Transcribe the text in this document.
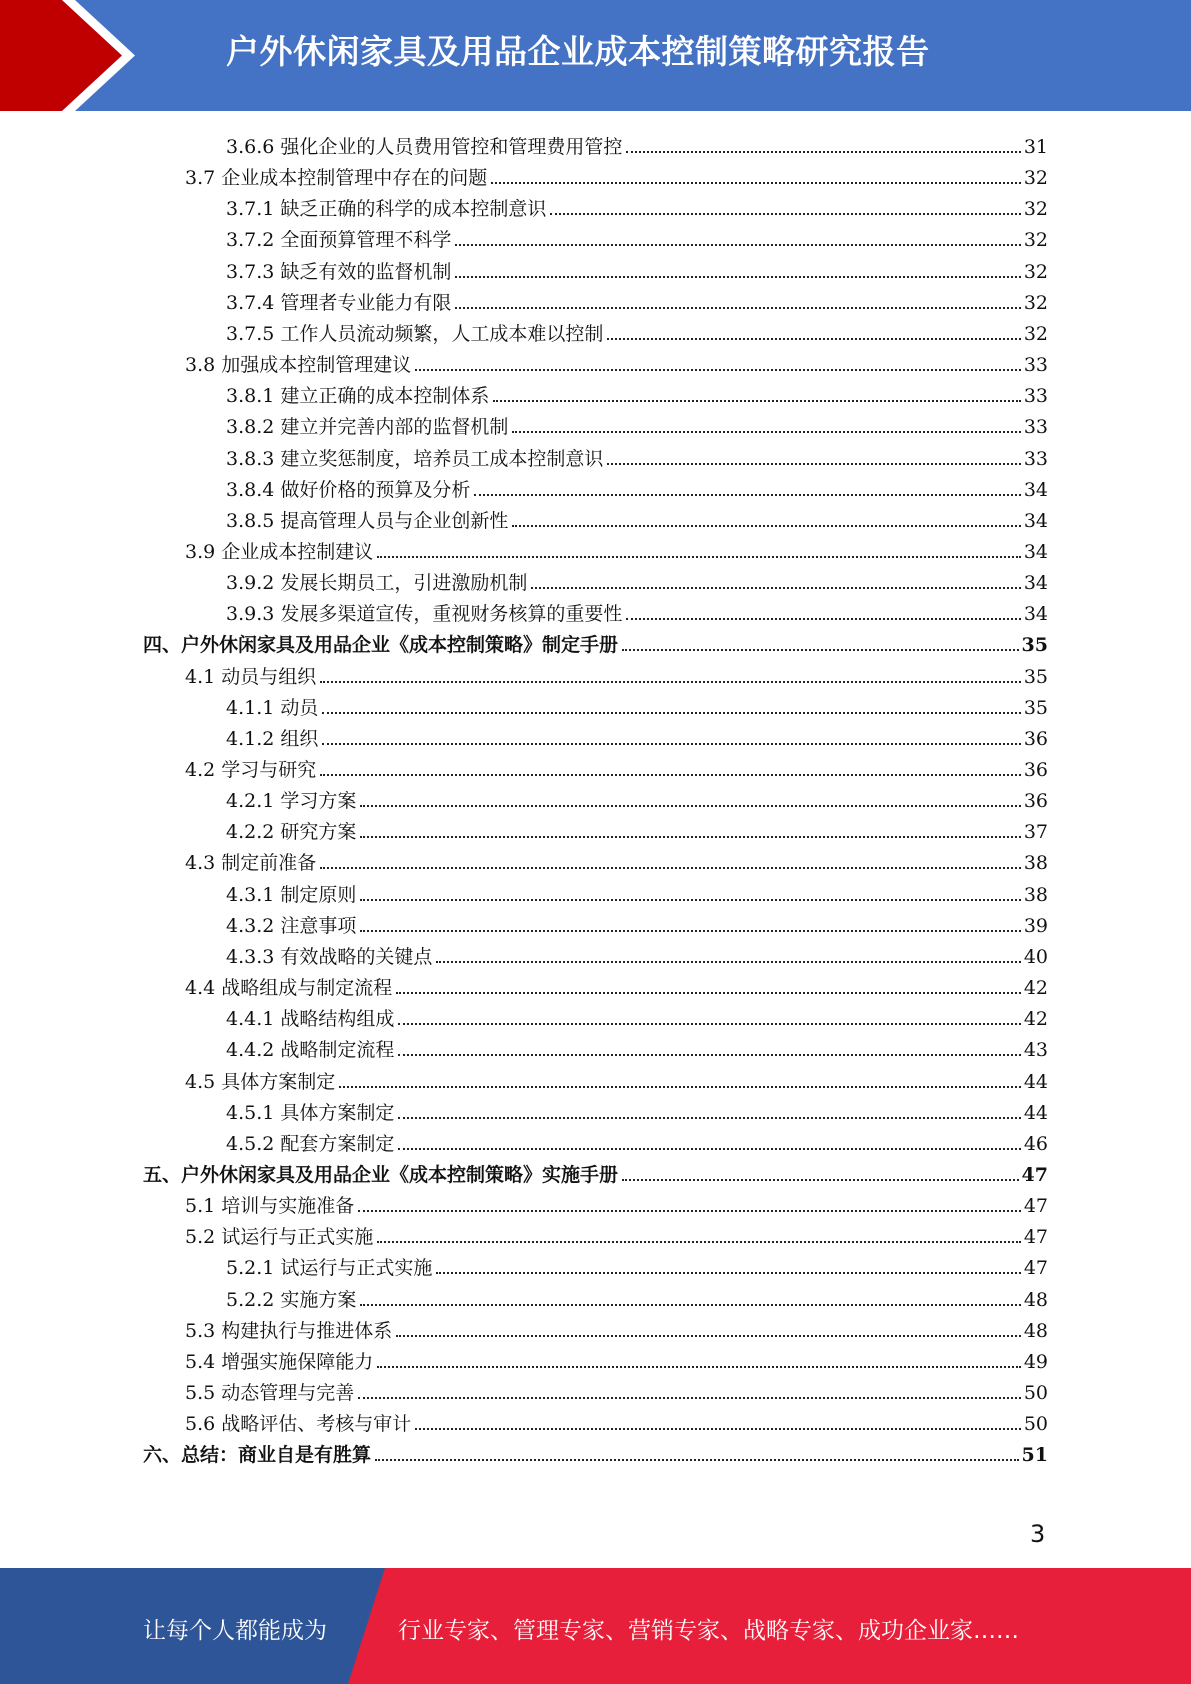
户外休闲家具及用品企业成本控制策略研究报告
3.6.6 强化企业的人员费用管控和管理费用管控	31
3.7 企业成本控制管理中存在的问题	32
3.7.1 缺乏正确的科学的成本控制意识	32
3.7.2 全面预算管理不科学	32
3.7.3 缺乏有效的监督机制	32
3.7.4 管理者专业能力有限	32
3.7.5 工作人员流动频繁，人工成本难以控制	32
3.8 加强成本控制管理建议	33
3.8.1 建立正确的成本控制体系	33
3.8.2 建立并完善内部的监督机制	33
3.8.3 建立奖惩制度，培养员工成本控制意识	33
3.8.4 做好价格的预算及分析	34
3.8.5 提高管理人员与企业创新性	34
3.9 企业成本控制建议	34
3.9.2 发展长期员工，引进激励机制	34
3.9.3 发展多渠道宣传，重视财务核算的重要性	34
四、户外休闲家具及用品企业《成本控制策略》制定手册	35
4.1 动员与组织	35
4.1.1 动员	35
4.1.2 组织	36
4.2 学习与研究	36
4.2.1 学习方案	36
4.2.2 研究方案	37
4.3 制定前准备	38
4.3.1 制定原则	38
4.3.2 注意事项	39
4.3.3 有效战略的关键点	40
4.4 战略组成与制定流程	42
4.4.1 战略结构组成	42
4.4.2 战略制定流程	43
4.5 具体方案制定	44
4.5.1 具体方案制定	44
4.5.2 配套方案制定	46
五、户外休闲家具及用品企业《成本控制策略》实施手册	47
5.1 培训与实施准备	47
5.2 试运行与正式实施	47
5.2.1 试运行与正式实施	47
5.2.2 实施方案	48
5.3 构建执行与推进体系	48
5.4 增强实施保障能力	49
5.5 动态管理与完善	50
5.6 战略评估、考核与审计	50
六、总结：商业自是有胜算	51
3
让每个人都能成为	行业专家、管理专家、营销专家、战略专家、成功企业家……
